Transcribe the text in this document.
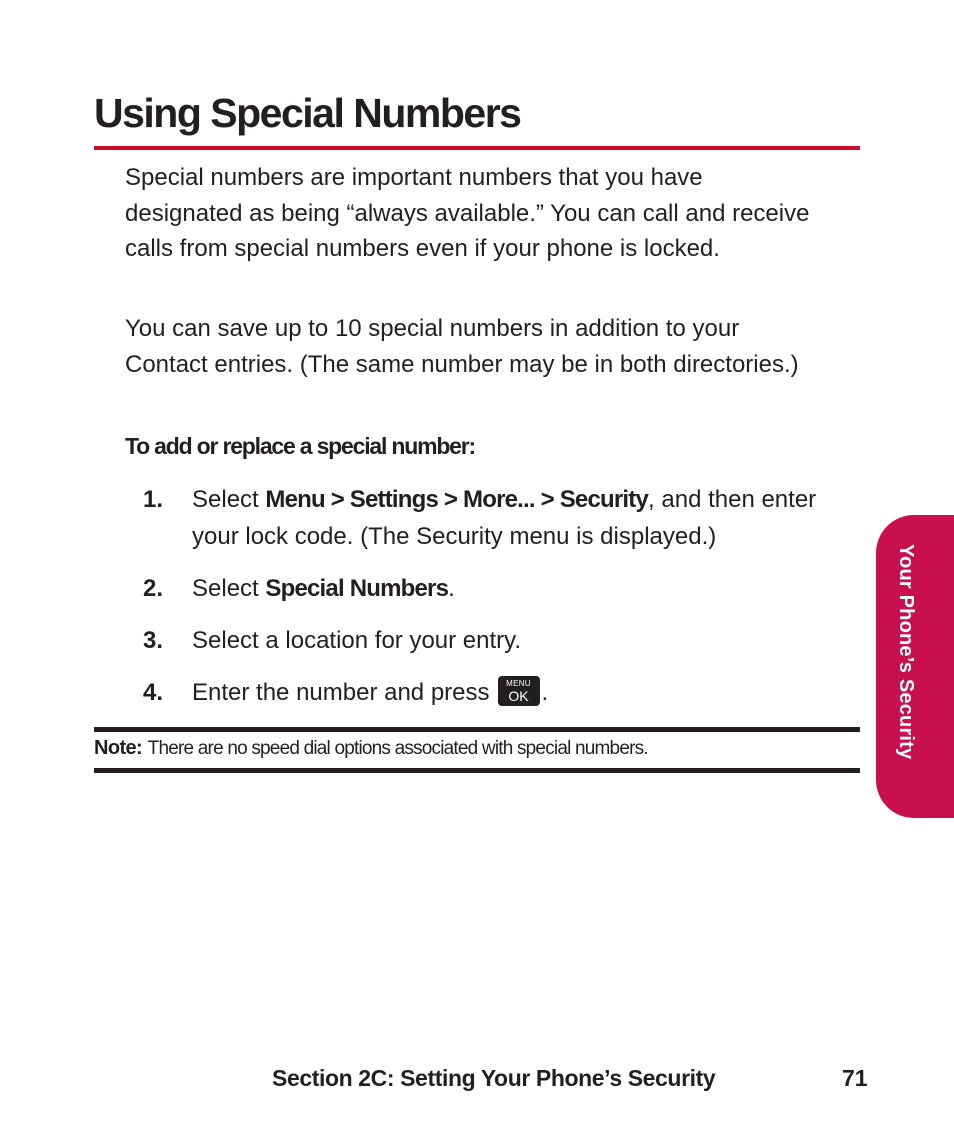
Using Special Numbers

Special numbers are important numbers that you have designated as being “always available.” You can call and receive calls from special numbers even if your phone is locked.

You can save up to 10 special numbers in addition to your Contact entries. (The same number may be in both directories.)

To add or replace a special number:

1. Select Menu > Settings > More... > Security, and then enter your lock code. (The Security menu is displayed.)
2. Select Special Numbers.
3. Select a location for your entry.
4. Enter the number and press	MENU
OK .

Note: There are no speed dial options associated with special numbers.	Your Phone’s Security

Section 2C: Setting Your Phone’s Security	71
